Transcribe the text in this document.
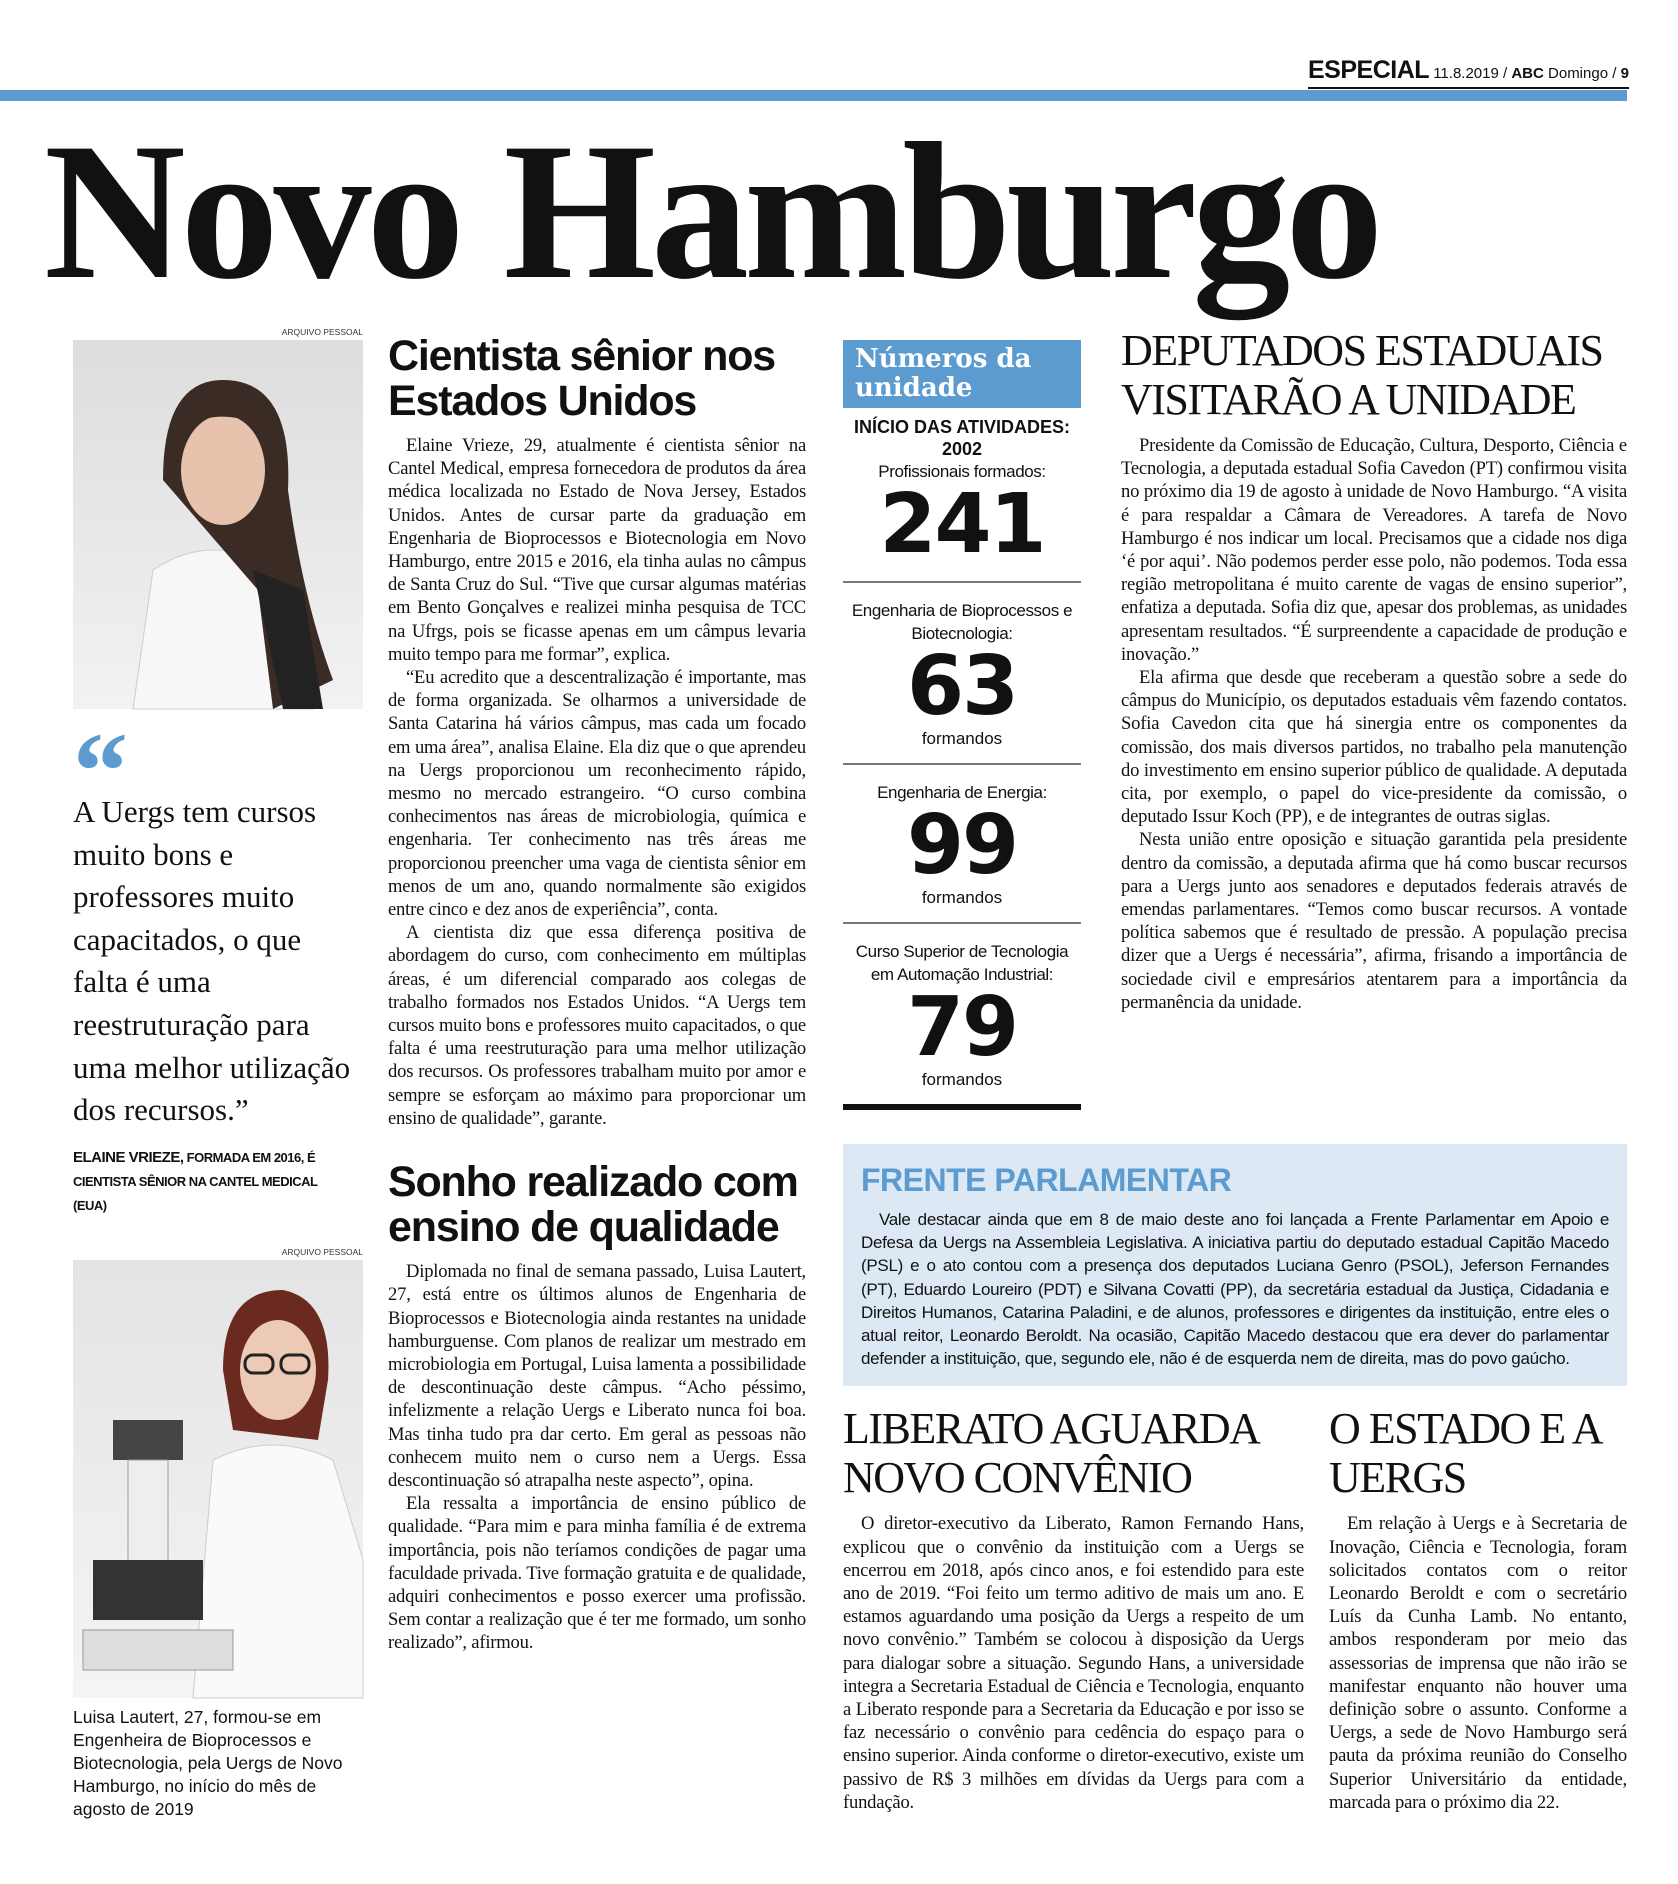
ESPECIAL 11.8.2019 / ABC Domingo / 9
Novo Hamburgo
ARQUIVO PESSOAL
“
A Uergs tem cursos muito bons e professores muito capacitados, o que falta é uma reestruturação para uma melhor utilização dos recursos.”
ELAINE VRIEZE, FORMADA EM 2016, É CIENTISTA SÊNIOR NA CANTEL MEDICAL (EUA)
ARQUIVO PESSOAL
Luisa Lautert, 27, formou-se em Engenheira de Bioprocessos e Biotecnologia, pela Uergs de Novo Hamburgo, no início do mês de agosto de 2019
Cientista sênior nos Estados Unidos

Elaine Vrieze, 29, atualmente é cientista sênior na Cantel Medical, empresa fornecedora de produtos da área médica localizada no Estado de Nova Jersey, Estados Unidos. Antes de cursar parte da graduação em Engenharia de Bioprocessos e Biotecnologia em Novo Hamburgo, entre 2015 e 2016, ela tinha aulas no câmpus de Santa Cruz do Sul. “Tive que cursar algumas matérias em Bento Gonçalves e realizei minha pesquisa de TCC na Ufrgs, pois se ficasse apenas em um câmpus levaria muito tempo para me formar”, explica.

“Eu acredito que a descentralização é importante, mas de forma organizada. Se olharmos a universidade de Santa Catarina há vários câmpus, mas cada um focado em uma área”, analisa Elaine. Ela diz que o que aprendeu na Uergs proporcionou um reconhecimento rápido, mesmo no mercado estrangeiro. “O curso combina conhecimentos nas áreas de microbiologia, química e engenharia. Ter conhecimento nas três áreas me proporcionou preencher uma vaga de cientista sênior em menos de um ano, quando normalmente são exigidos entre cinco e dez anos de experiência”, conta.

A cientista diz que essa diferença positiva de abordagem do curso, com conhecimento em múltiplas áreas, é um diferencial comparado aos colegas de trabalho formados nos Estados Unidos. “A Uergs tem cursos muito bons e professores muito capacitados, o que falta é uma reestruturação para uma melhor utilização dos recursos. Os professores trabalham muito por amor e sempre se esforçam ao máximo para proporcionar um ensino de qualidade”, garante.

Sonho realizado com ensino de qualidade

Diplomada no final de semana passado, Luisa Lautert, 27, está entre os últimos alunos de Engenharia de Bioprocessos e Biotecnologia ainda restantes na unidade hamburguense. Com planos de realizar um mestrado em microbiologia em Portugal, Luisa lamenta a possibilidade de descontinuação deste câmpus. “Acho péssimo, infelizmente a relação Uergs e Liberato nunca foi boa. Mas tinha tudo pra dar certo. Em geral as pessoas não conhecem muito nem o curso nem a Uergs. Essa descontinuação só atrapalha neste aspecto”, opina.

Ela ressalta a importância de ensino público de qualidade. “Para mim e para minha família é de extrema importância, pois não teríamos condições de pagar uma faculdade privada. Tive formação gratuita e de qualidade, adquiri conhecimentos e posso exercer uma profissão. Sem contar a realização que é ter me formado, um sonho realizado”, afirmou.

Números da unidade
INÍCIO DAS ATIVIDADES: 2002
Profissionais formados:
241
Engenharia de Bioprocessos e Biotecnologia:
63
formandos
Engenharia de Energia:
99
formandos
Curso Superior de Tecnologia em Automação Industrial:
79
formandos
DEPUTADOS ESTADUAIS VISITARÃO A UNIDADE

Presidente da Comissão de Educação, Cultura, Desporto, Ciência e Tecnologia, a deputada estadual Sofia Cavedon (PT) confirmou visita no próximo dia 19 de agosto à unidade de Novo Hamburgo. “A visita é para respaldar a Câmara de Vereadores. A tarefa de Novo Hamburgo é nos indicar um local. Precisamos que a cidade nos diga ‘é por aqui’. Não podemos perder esse polo, não podemos. Toda essa região metropolitana é muito carente de vagas de ensino superior”, enfatiza a deputada. Sofia diz que, apesar dos problemas, as unidades apresentam resultados. “É surpreendente a capacidade de produção e inovação.”

Ela afirma que desde que receberam a questão sobre a sede do câmpus do Município, os deputados estaduais vêm fazendo contatos. Sofia Cavedon cita que há sinergia entre os componentes da comissão, dos mais diversos partidos, no trabalho pela manutenção do investimento em ensino superior público de qualidade. A deputada cita, por exemplo, o papel do vice-presidente da comissão, o deputado Issur Koch (PP), e de integrantes de outras siglas.

Nesta união entre oposição e situação garantida pela presidente dentro da comissão, a deputada afirma que há como buscar recursos para a Uergs junto aos senadores e deputados federais através de emendas parlamentares. “Temos como buscar recursos. A vontade política sabemos que é resultado de pressão. A população precisa dizer que a Uergs é necessária”, afirma, frisando a importância de sociedade civil e empresários atentarem para a importância da permanência da unidade.

FRENTE PARLAMENTAR

Vale destacar ainda que em 8 de maio deste ano foi lançada a Frente Parlamentar em Apoio e Defesa da Uergs na Assembleia Legislativa. A iniciativa partiu do deputado estadual Capitão Macedo (PSL) e o ato contou com a presença dos deputados Luciana Genro (PSOL), Jeferson Fernandes (PT), Eduardo Loureiro (PDT) e Silvana Covatti (PP), da secretária estadual da Justiça, Cidadania e Direitos Humanos, Catarina Paladini, e de alunos, professores e dirigentes da instituição, entre eles o atual reitor, Leonardo Beroldt. Na ocasião, Capitão Macedo destacou que era dever do parlamentar defender a instituição, que, segundo ele, não é de esquerda nem de direita, mas do povo gaúcho.

LIBERATO AGUARDA NOVO CONVÊNIO

O diretor-executivo da Liberato, Ramon Fernando Hans, explicou que o convênio da instituição com a Uergs se encerrou em 2018, após cinco anos, e foi estendido para este ano de 2019. “Foi feito um termo aditivo de mais um ano. E estamos aguardando uma posição da Uergs a respeito de um novo convênio.” Também se colocou à disposição da Uergs para dialogar sobre a situação. Segundo Hans, a universidade integra a Secretaria Estadual de Ciência e Tecnologia, enquanto a Liberato responde para a Secretaria da Educação e por isso se faz necessário o convênio para cedência do espaço para o ensino superior. Ainda conforme o diretor-executivo, existe um passivo de R$ 3 milhões em dívidas da Uergs para com a fundação.

O ESTADO E A UERGS

Em relação à Uergs e à Secretaria de Inovação, Ciência e Tecnologia, foram solicitados contatos com o reitor Leonardo Beroldt e com o secretário Luís da Cunha Lamb. No entanto, ambos responderam por meio das assessorias de imprensa que não irão se manifestar enquanto não houver uma definição sobre o assunto. Conforme a Uergs, a sede de Novo Hamburgo será pauta da próxima reunião do Conselho Superior Universitário da entidade, marcada para o próximo dia 22.
